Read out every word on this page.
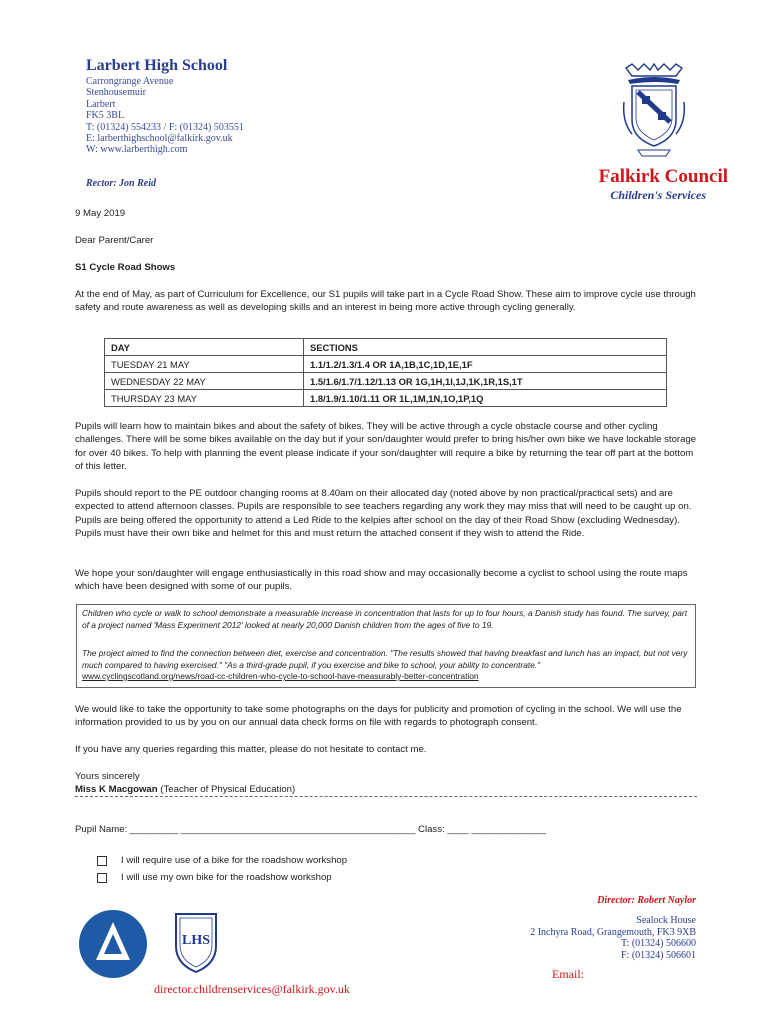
Larbert High School
Carrongrange Avenue
Stenhousemuir
Larbert
FK5 3BL
T: (01324) 554233 / F: (01324) 503551
E: larberthighschool@falkirk.gov.uk
W: www.larberthigh.com
Rector: Jon Reid	Falkirk Council
Children's Services
9 May 2019
Dear Parent/Carer
S1 Cycle Road Shows
At the end of May, as part of Curriculum for Excellence, our S1 pupils will take part in a Cycle Road Show. These aim to improve cycle use through safety and route awareness as well as developing skills and an interest in being more active through cycling generally.
DAY	SECTIONS
TUESDAY 21 MAY	1.1/1.2/1.3/1.4 OR 1A,1B,1C,1D,1E,1F
WEDNESDAY 22 MAY	1.5/1.6/1.7/1.12/1.13 OR 1G,1H,1I,1J,1K,1R,1S,1T
THURSDAY 23 MAY	1.8/1.9/1.10/1.11 OR 1L,1M,1N,1O,1P,1Q
Pupils will learn how to maintain bikes and about the safety of bikes. They will be active through a cycle obstacle course and other cycling challenges. There will be some bikes available on the day but if your son/daughter would prefer to bring his/her own bike we have lockable storage for over 40 bikes. To help with planning the event please indicate if your son/daughter will require a bike by returning the tear off part at the bottom of this letter.
Pupils should report to the PE outdoor changing rooms at 8.40am on their allocated day (noted above by non practical/practical sets) and are expected to attend afternoon classes. Pupils are responsible to see teachers regarding any work they may miss that will need to be caught up on. Pupils are being offered the opportunity to attend a Led Ride to the kelpies after school on the day of their Road Show (excluding Wednesday). Pupils must have their own bike and helmet for this and must return the attached consent if they wish to attend the Ride.
We hope your son/daughter will engage enthusiastically in this road show and may occasionally become a cyclist to school using the route maps which have been designed with some of our pupils.
Children who cycle or walk to school demonstrate a measurable increase in concentration that lasts for up to four hours, a Danish study has found. The survey, part of a project named 'Mass Experiment 2012' looked at nearly 20,000 Danish children from the ages of five to 19.
The project aimed to find the connection between diet, exercise and concentration. "The results showed that having breakfast and lunch has an impact, but not very much compared to having exercised." "As a third-grade pupil, if you exercise and bike to school, your ability to concentrate."
www.cyclingscotland.org/news/road-cc-children-who-cycle-to-school-have-measurably-better-concentration
We would like to take the opportunity to take some photographs on the days for publicity and promotion of cycling in the school. We will use the information provided to us by you on our annual data check forms on file with regards to photograph consent.
If you have any queries regarding this matter, please do not hesitate to contact me.
Yours sincerely
Miss K Macgowan (Teacher of Physical Education)
Pupil Name: _________ ____________________________________________ Class: ____ ______________
I will require use of a bike for the roadshow workshop
I will use my own bike for the roadshow workshop
Director: Robert Naylor
Sealock House
2 Inchyra Road, Grangemouth, FK3 9XB
T: (01324) 506600
F: (01324) 506601
Email:
director.childrenservices@falkirk.gov.uk
LHS
